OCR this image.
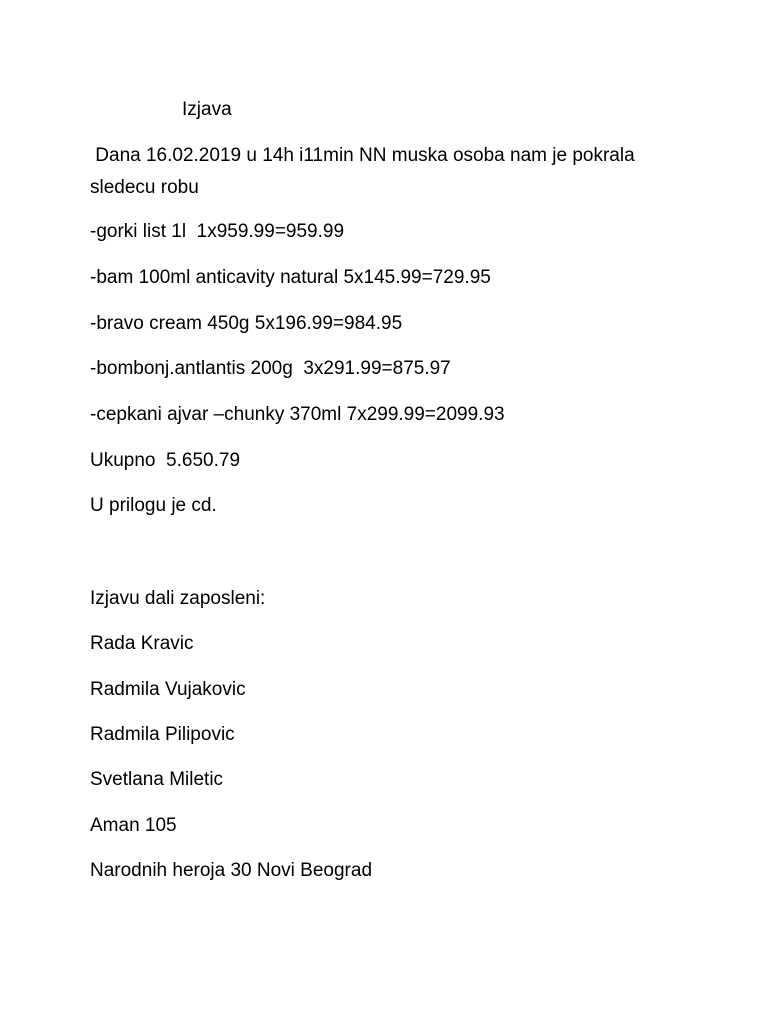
Izjava

Dana 16.02.2019 u 14h i11min NN muska osoba nam je pokrala

sledecu robu

-gorki list 1l  1x959.99=959.99

-bam 100ml anticavity natural 5x145.99=729.95

-bravo cream 450g 5x196.99=984.95

-bombonj.antlantis 200g  3x291.99=875.97

-cepkani ajvar –chunky 370ml 7x299.99=2099.93

Ukupno  5.650.79

U prilogu je cd.

Izjavu dali zaposleni:

Rada Kravic

Radmila Vujakovic

Radmila Pilipovic

Svetlana Miletic

Aman 105

Narodnih heroja 30 Novi Beograd
